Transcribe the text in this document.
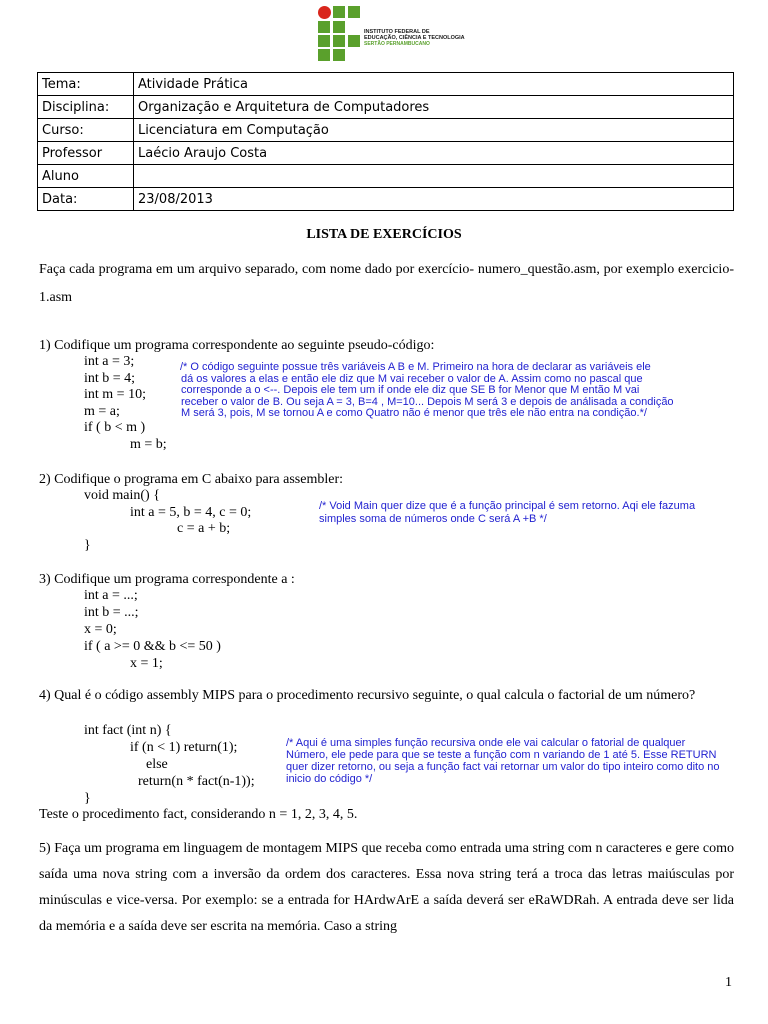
INSTITUTO FEDERAL DE
EDUCAÇÃO, CIÊNCIA E TECNOLOGIA
SERTÃO PERNAMBUCANO
Tema:	Atividade Prática
Disciplina:	Organização e Arquitetura de Computadores
Curso:	Licenciatura em Computação
Professor	Laécio Araujo Costa
Aluno	
Data:	23/08/2013
LISTA DE EXERCÍCIOS
Faça cada programa em um arquivo separado, com nome dado por exercício- numero_questão.asm, por exemplo exercicio-1.asm
1) Codifique um programa correspondente ao seguinte pseudo-código:
int a = 3;
int b = 4;
int m = 10;
m = a;
if ( b < m )
m = b;
/* O código seguinte possue três variáveis A B e M. Primeiro na hora de declarar as variáveis ele
dá os valores a elas e então ele diz que M vai receber o valor de A. Assim como no pascal que
corresponde a o <--. Depois ele tem um if onde ele diz que SE B for Menor que M então M vai
receber o valor de B. Ou seja A = 3, B=4 , M=10... Depois M será 3 e depois de análisada a condição
M será 3, pois, M se tornou A e como Quatro não é menor que três ele não entra na condição.*/
2) Codifique o programa em C abaixo para assembler:
void main() {
int a = 5, b = 4, c = 0;
c = a + b;
}
/* Void Main quer dize que é a função principal é sem retorno. Aqi ele fazuma
simples soma de números onde C será A +B */
3) Codifique um programa correspondente a :
int a = ...;
int b = ...;
x = 0;
if ( a >= 0 && b <= 50 )
x = 1;
4) Qual é o código assembly MIPS para o procedimento recursivo seguinte, o qual calcula o factorial de um número?
int fact (int n) {
if (n < 1) return(1);
else
return(n * fact(n-1));
}
Teste o procedimento fact, considerando n = 1, 2, 3, 4, 5.
/* Aqui é uma simples função recursiva onde ele vai calcular o fatorial de qualquer
Número, ele pede para que se teste a função com n variando de 1 até 5. Esse RETURN
quer dizer retorno, ou seja a função fact vai retornar um valor do tipo inteiro como dito no
inicio do código */
5) Faça um programa em linguagem de montagem MIPS que receba como entrada uma string com n caracteres e gere como saída uma nova string com a inversão da ordem dos caracteres. Essa nova string terá a troca das letras maiúsculas por minúsculas e vice-versa. Por exemplo: se a entrada for HArdwArE a saída deverá ser eRaWDRah. A entrada deve ser lida da memória e a saída deve ser escrita na memória. Caso a string
1
